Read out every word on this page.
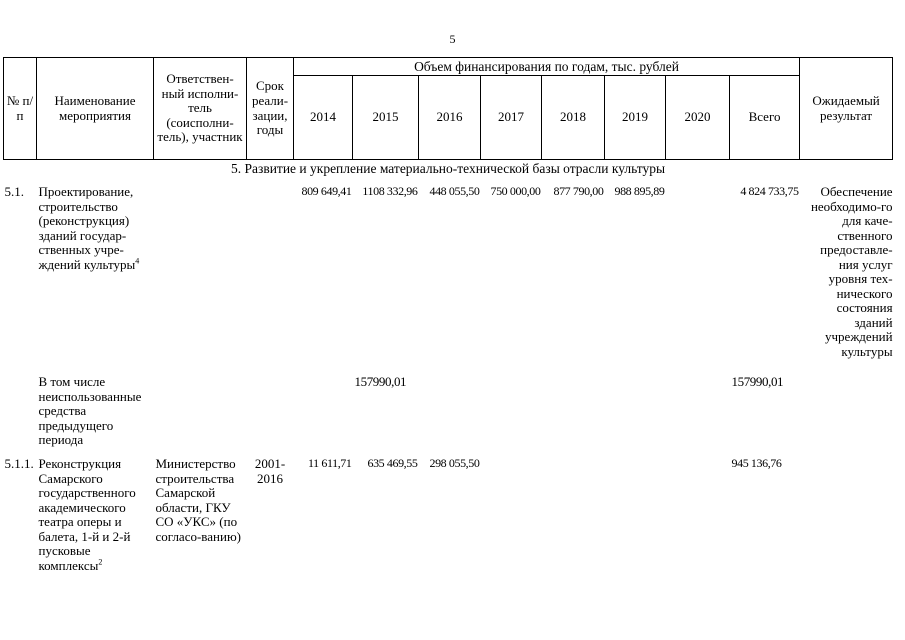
5
№ п/п	Наименование мероприятия	Ответствен-ный исполни-тель (соисполни-тель), участник	Срок реали-зации, годы	Объем финансирования по годам, тыс. рублей								Ожидаемый результат
				2014	2015	2016	2017	2018	2019	2020	Всего	
5. Развитие и укрепление материально-технической базы отрасли культуры												
5.1.	Проектирование, строительство (реконструкция) зданий государ-ственных учре-ждений культуры$^4$			809 649,41	1108 332,96	448 055,50	750 000,00	877 790,00	988 895,89		4 824 733,75	Обеспечение необходимо-го для каче-ственного предоставле-ния услуг уровня тех-нического состояния зданий учреждений культуры
	В том числе неиспользованные средства предыдущего периода				157990,01						157990,01	
5.1.1.	Реконструкция Самарского государственного академического театра оперы и балета, 1-й и 2-й пусковые комплексы$^2$	Министерство строительства Самарской области, ГКУ СО «УКС» (по согласо-ванию)	2001-2016	11 611,71	635 469,55	298 055,50					945 136,76	
